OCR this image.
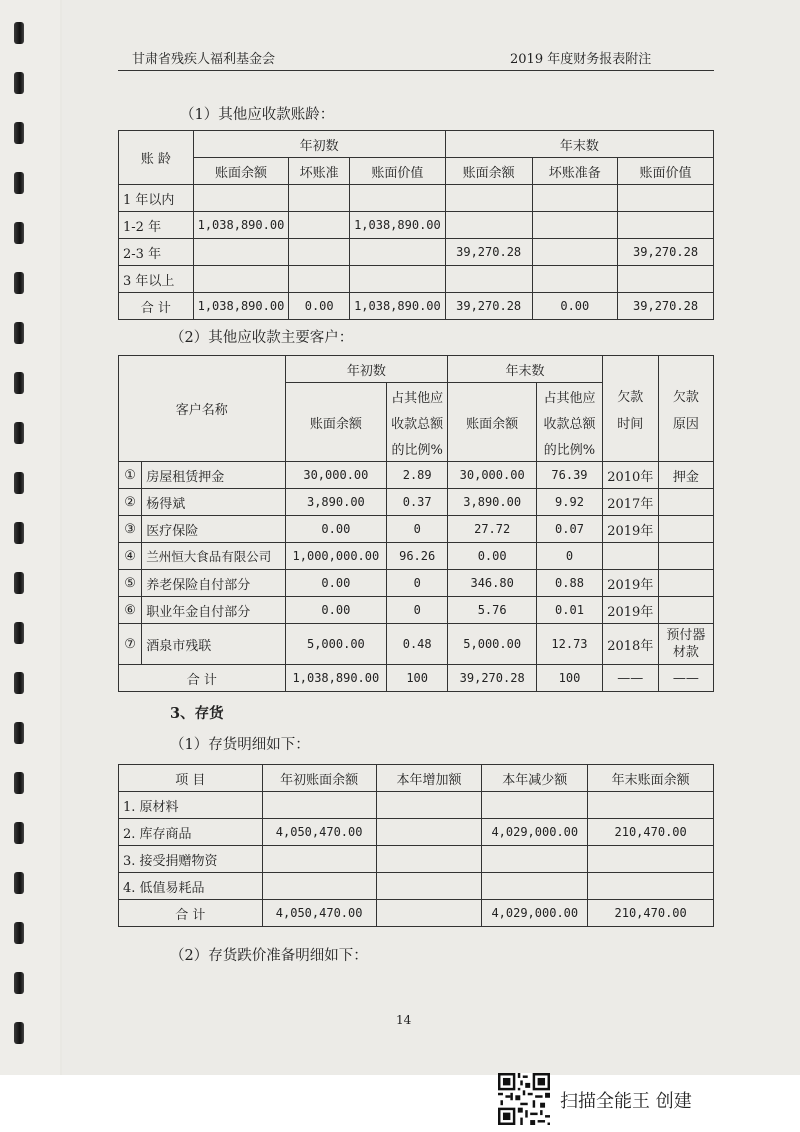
甘肃省残疾人福利基金会	2019 年度财务报表附注
（1）其他应收款账龄：
账 龄	年初数			年末数		
	账面余额	坏账准	账面价值	账面余额	坏账准备	账面价值
1 年以内						
1-2 年	1,038,890.00		1,038,890.00			
2-3 年				39,270.28		39,270.28
3 年以上						
合 计	1,038,890.00	0.00	1,038,890.00	39,270.28	0.00	39,270.28
（2）其他应收款主要客户：
客户名称		年初数		年末数			
		账面余额	占其他应	账面余额	占其他应	欠款	欠款
			收款总额		收款总额	时间	原因
			的比例%		的比例%		
①	房屋租赁押金	30,000.00	2.89	30,000.00	76.39	2010年	押金
②	杨得斌	3,890.00	0.37	3,890.00	9.92	2017年	
③	医疗保险	0.00	0	27.72	0.07	2019年	
④	兰州恒大食品有限公司	1,000,000.00	96.26	0.00	0		
⑤	养老保险自付部分	0.00	0	346.80	0.88	2019年	
⑥	职业年金自付部分	0.00	0	5.76	0.01	2019年	
⑦	酒泉市残联	5,000.00	0.48	5,000.00	12.73	2018年	预付器
材款

合 计		1,038,890.00	100	39,270.28	100	——	——
3、存货
（1）存货明细如下：
项 目	年初账面余额	本年增加额	本年减少额	年末账面余额
1. 原材料				
2. 库存商品	4,050,470.00		4,029,000.00	210,470.00
3. 接受捐赠物资				
4. 低值易耗品				
合 计	4,050,470.00		4,029,000.00	210,470.00
（2）存货跌价准备明细如下：
14
扫描全能王 创建
